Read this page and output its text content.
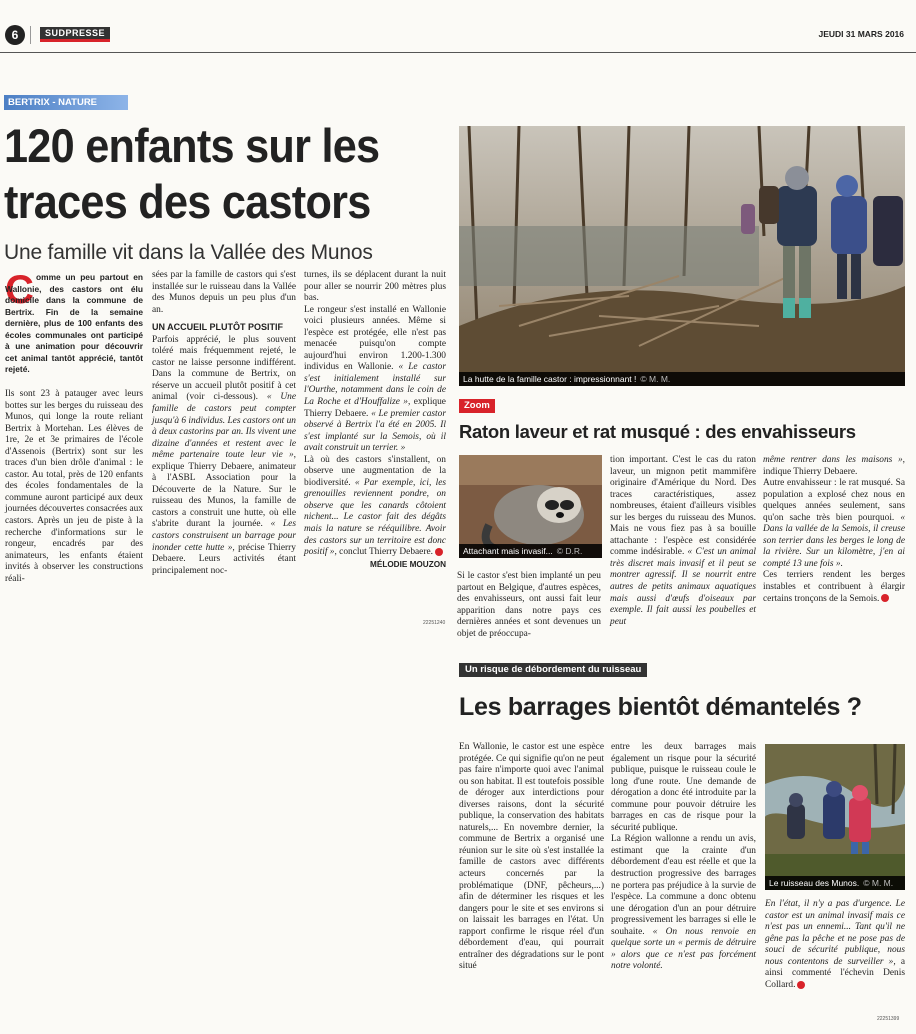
6	SUDPRESSE	JEUDI 31 MARS 2016
BERTRIX - NATURE
120 enfants sur les
traces des castors
Une famille vit dans la Vallée des Munos
C omme un peu partout en Wallonie, des castors ont élu domicile dans la commune de Bertrix. Fin de la semaine dernière, plus de 100 enfants des écoles communales ont participé à une animation pour découvrir cet animal tantôt apprécié, tantôt rejeté.

Ils sont 23 à patauger avec leurs bottes sur les berges du ruisseau des Munos, qui longe la route reliant Bertrix à Mortehan. Les élèves de 1re, 2e et 3e primaires de l'école d'Assenois (Bertrix) sont sur les traces d'un bien drôle d'animal : le castor. Au total, près de 120 enfants des écoles fondamentales de la commune auront participé aux deux journées découvertes consacrées aux castors. Après un jeu de piste à la recherche d'informations sur le rongeur, encadrés par des animateurs, les enfants étaient invités à observer les constructions réali-

sées par la famille de castors qui s'est installée sur le ruisseau dans la Vallée des Munos depuis un peu plus d'un an.

UN ACCUEIL PLUTÔT POSITIF

Parfois apprécié, le plus souvent toléré mais fréquemment rejeté, le castor ne laisse personne indifférent. Dans la commune de Bertrix, on réserve un accueil plutôt positif à cet animal (voir ci-dessous). « Une famille de castors peut compter jusqu'à 6 individus. Les castors ont un à deux castorins par an. Ils vivent une dizaine d'années et restent avec le même partenaire toute leur vie », explique Thierry Debaere, animateur à l'ASBL Association pour la Découverte de la Nature. Sur le ruisseau des Munos, la famille de castors a construit une hutte, où elle s'abrite durant la journée. « Les castors construisent un barrage pour inonder cette hutte », précise Thierry Debaere. Leurs activités étant principalement noc-

turnes, ils se déplacent durant la nuit pour aller se nourrir 200 mètres plus bas.

Le rongeur s'est installé en Wallonie voici plusieurs années. Même si l'espèce est protégée, elle n'est pas menacée puisqu'on compte aujourd'hui environ 1.200-1.300 individus en Wallonie. « Le castor s'est initialement installé sur l'Ourthe, notamment dans le coin de La Roche et d'Houffalize », explique Thierry Debaere. « Le premier castor observé à Bertrix l'a été en 2005. Il s'est implanté sur la Semois, où il avait construit un terrier. »

Là où des castors s'installent, on observe une augmentation de la biodiversité. « Par exemple, ici, les grenouilles reviennent pondre, on observe que les canards côtoient nichent... Le castor fait des dégâts mais la nature se rééquilibre. Avoir des castors sur un territoire est donc positif », conclut Thierry Debaere.

MÉLODIE MOUZON
22251240
La hutte de la famille castor : impressionnant ! © M. M.
Zoom
Raton laveur et rat musqué : des envahisseurs
Attachant mais invasif... © D.R.

Si le castor s'est bien implanté un peu partout en Belgique, d'autres espèces, des envahisseurs, ont aussi fait leur apparition dans notre pays ces dernières années et sont devenues un objet de préoccupa-

tion important. C'est le cas du raton laveur, un mignon petit mammifère originaire d'Amérique du Nord. Des traces caractéristiques, assez nombreuses, étaient d'ailleurs visibles sur les berges du ruisseau des Munos. Mais ne vous fiez pas à sa bouille attachante : l'espèce est considérée comme indésirable. « C'est un animal très discret mais invasif et il peut se montrer agressif. Il se nourrit entre autres de petits animaux aquatiques mais aussi d'œufs d'oiseaux par exemple. Il fait aussi les poubelles et peut

même rentrer dans les maisons », indique Thierry Debaere.

Autre envahisseur : le rat musqué. Sa population a explosé chez nous en quelques années seulement, sans qu'on sache très bien pourquoi. « Dans la vallée de la Semois, il creuse son terrier dans les berges le long de la rivière. Sur un kilomètre, j'en ai compté 13 une fois ».

Ces terriers rendent les berges instables et contribuent à élargir certains tronçons de la Semois.

Un risque de débordement du ruisseau
Les barrages bientôt démantelés ?

En Wallonie, le castor est une espèce protégée. Ce qui signifie qu'on ne peut pas faire n'importe quoi avec l'animal ou son habitat. Il est toutefois possible de déroger aux interdictions pour diverses raisons, dont la sécurité publique, la conservation des habitats naturels,... En novembre dernier, la commune de Bertrix a organisé une réunion sur le site où s'est installée la famille de castors avec différents acteurs concernés par la problématique (DNF, pêcheurs,...) afin de déterminer les risques et les dangers pour le site et ses environs si on laissait les barrages en l'état. Un rapport confirme le risque réel d'un débordement d'eau, qui pourrait entraîner des dégradations sur le pont situé

entre les deux barrages mais également un risque pour la sécurité publique, puisque le ruisseau coule le long d'une route. Une demande de dérogation a donc été introduite par la commune pour pouvoir détruire les barrages en cas de risque pour la sécurité publique.

La Région wallonne a rendu un avis, estimant que la crainte d'un débordement d'eau est réelle et que la destruction progressive des barrages ne portera pas préjudice à la survie de l'espèce. La commune a donc obtenu une dérogation d'un an pour détruire progressivement les barrages si elle le souhaite. « On nous renvoie en quelque sorte un « permis de détruire » alors que ce n'est pas forcément notre volonté.

Le ruisseau des Munos. © M. M.

En l'état, il n'y a pas d'urgence. Le castor est un animal invasif mais ce n'est pas un ennemi... Tant qu'il ne gêne pas la pêche et ne pose pas de souci de sécurité publique, nous nous contentons de surveiller », a ainsi commenté l'échevin Denis Collard.

22251399
